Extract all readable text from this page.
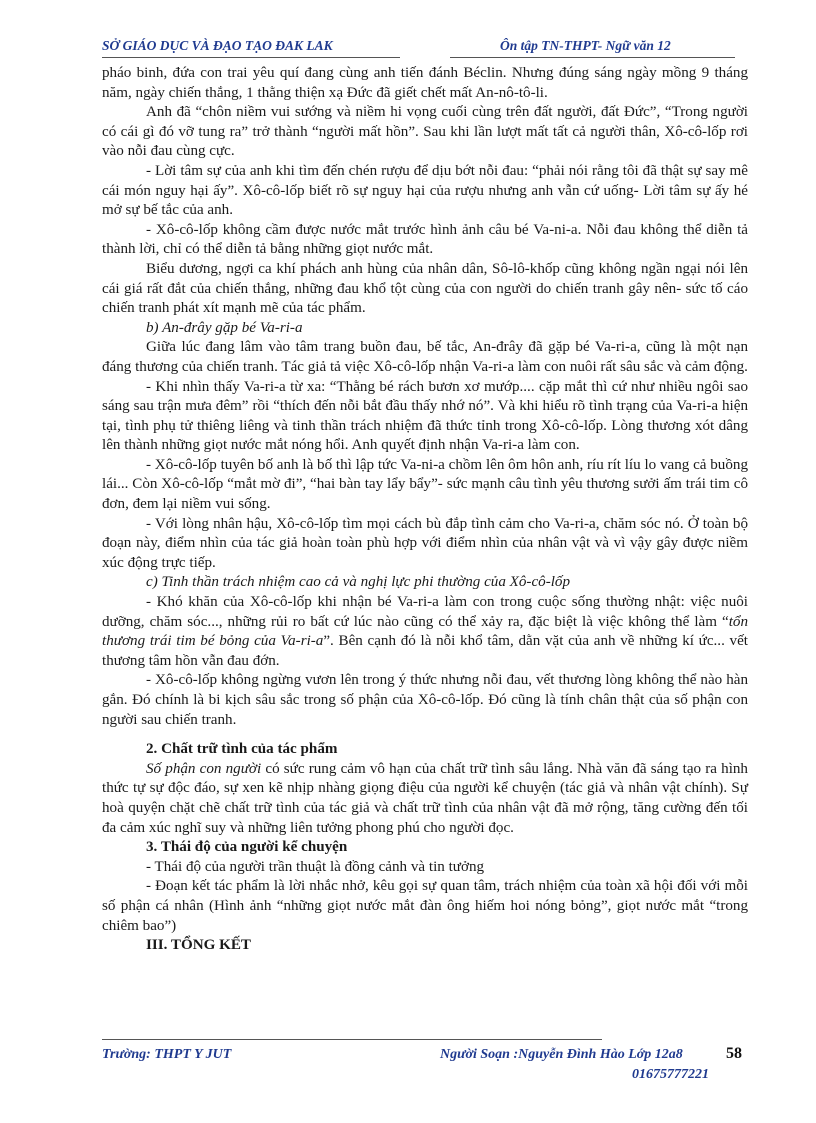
SỞ GIÁO DỤC VÀ ĐẠO TẠO ĐAK LAK	Ôn tập TN-THPT- Ngữ văn 12

pháo binh, đứa con trai yêu quí đang cùng anh tiến đánh Béclin. Nhưng đúng sáng ngày mồng 9 tháng năm, ngày chiến thắng, 1 thằng thiện xạ Đức đã giết chết mất An-nô-tô-li.

Anh đã “chôn niềm vui sướng và niềm hi vọng cuối cùng trên đất người, đất Đức”, “Trong người có cái gì đó vỡ tung ra” trở thành “người mất hồn”. Sau khi lần lượt mất tất cả người thân, Xô-cô-lốp rơi vào nỗi đau cùng cực.

- Lời tâm sự của anh khi tìm đến chén rượu để dịu bớt nỗi đau: “phải nói rằng tôi đã thật sự say mê cái món nguy hại ấy”. Xô-cô-lốp biết rõ sự nguy hại của rượu nhưng anh vẫn cứ uống- Lời tâm sự ấy hé mở sự bế tắc của anh.

- Xô-cô-lốp không cầm được nước mắt trước hình ảnh câu bé Va-ni-a. Nỗi đau không thể diễn tả thành lời, chỉ có thể diễn tả bằng những giọt nước mắt.

Biểu dương, ngợi ca khí phách anh hùng của nhân dân, Sô-lô-khốp cũng không ngần ngại nói lên cái giá rất đắt của chiến thắng, những đau khổ tột cùng của con người do chiến tranh gây nên- sức tố cáo chiến tranh phát xít mạnh mẽ của tác phẩm.

b) An-đrây gặp bé Va-ri-a

Giữa lúc đang lâm vào tâm trang buồn đau, bế tắc, An-đrây đã gặp bé Va-ri-a, cũng là một nạn đáng thương của chiến tranh. Tác giả tả việc Xô-cô-lốp nhận Va-ri-a làm con nuôi rất sâu sắc và cảm động.

- Khi nhìn thấy Va-ri-a từ xa: “Thằng bé rách bươn xơ mướp.... cặp mắt thì cứ như nhiều ngôi sao sáng sau trận mưa đêm” rồi “thích đến nỗi bắt đầu thấy nhớ nó”. Và khi hiểu rõ tình trạng của Va-ri-a hiện tại, tình phụ tử thiêng liêng và tinh thần trách nhiệm đã thức tỉnh trong Xô-cô-lốp. Lòng thương xót dâng lên thành những giọt nước mắt nóng hổi. Anh quyết định nhận Va-ri-a làm con.

- Xô-cô-lốp tuyên bố anh là bố thì lập tức Va-ni-a chồm lên ôm hôn anh, ríu rít líu lo vang cả buồng lái... Còn Xô-cô-lốp “mắt mờ đi”, “hai bàn tay lẩy bẩy”- sức mạnh câu tình yêu thương sưởi ấm trái tim cô đơn, đem lại niềm vui sống.

- Với lòng nhân hậu, Xô-cô-lốp tìm mọi cách bù đắp tình cảm cho Va-ri-a, chăm sóc nó. Ở toàn bộ đoạn này, điểm nhìn của tác giả hoàn toàn phù hợp với điểm nhìn của nhân vật và vì vậy gây được niềm xúc động trực tiếp.

c) Tinh thần trách nhiệm cao cả và nghị lực phi thường của Xô-cô-lốp

- Khó khăn của Xô-cô-lốp khi nhận bé Va-ri-a làm con trong cuộc sống thường nhật: việc nuôi dưỡng, chăm sóc..., những rủi ro bất cứ lúc nào cũng có thể xảy ra, đặc biệt là việc không thể làm “tổn thương trái tim bé bỏng của Va-ri-a”. Bên cạnh đó là nỗi khổ tâm, dằn vặt của anh về những kí ức... vết thương tâm hồn vẫn đau đớn.

- Xô-cô-lốp không ngừng vươn lên trong ý thức nhưng nỗi đau, vết thương lòng không thể nào hàn gắn. Đó chính là bi kịch sâu sắc trong số phận của Xô-cô-lốp. Đó cũng là tính chân thật của số phận con người sau chiến tranh.

2. Chất trữ tình của tác phẩm

Số phận con người có sức rung cảm vô hạn của chất trữ tình sâu lắng. Nhà văn đã sáng tạo ra hình thức tự sự độc đáo, sự xen kẽ nhịp nhàng giọng điệu của người kể chuyện (tác giả và nhân vật chính). Sự hoà quyện chặt chẽ chất trữ tình của tác giả và chất trữ tình của nhân vật đã mở rộng, tăng cường đến tối đa cảm xúc nghĩ suy và những liên tưởng phong phú cho người đọc.

3. Thái độ của người kể chuyện

- Thái độ của người trần thuật là đồng cảnh và tin tưởng

- Đoạn kết tác phẩm là lời nhắc nhở, kêu gọi sự quan tâm, trách nhiệm của toàn xã hội đối với mỗi số phận cá nhân (Hình ảnh “những giọt nước mắt đàn ông hiếm hoi nóng bỏng”, giọt nước mắt “trong chiêm bao”)

III. TỔNG KẾT

Trường: THPT Y JUT	Người Soạn :Nguyễn Đình Hào Lớp 12a8
01675777221
58
